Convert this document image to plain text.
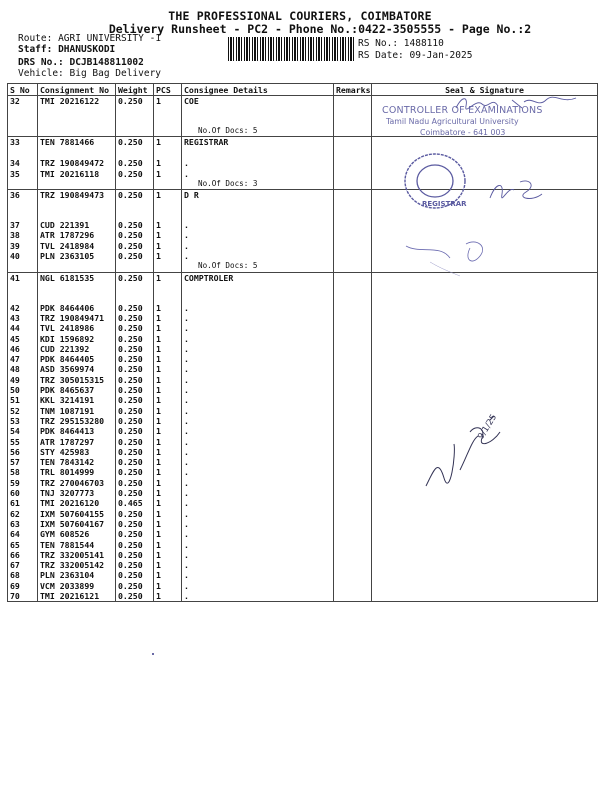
THE PROFESSIONAL COURIERS, COIMBATORE
Delivery Runsheet - PC2 - Phone No.:0422-3505555 - Page No.:2
Route: AGRI UNIVERSITY -1
Staff: DHANUSKODI
DRS No.: DCJB148811002
Vehicle: Big Bag Delivery
RS No.: 1488110
RS Date: 09-Jan-2025
S No	Consignment No	Weight	PCS	Consignee Details	Remarks	Seal & Signature
32	TMI 20216122	0.250	1	COE		

				No.Of Docs: 5		
33	TEN 7881466	0.250	1	REGISTRAR		

34	TRZ 190849472	0.250	1	.		
35	TMI 20216118	0.250	1	.		
				No.Of Docs: 3		
36	TRZ 190849473	0.250	1	D R		

37	CUD 221391	0.250	1	.		
38	ATR 1787296	0.250	1	.		
39	TVL 2418984	0.250	1	.		
40	PLN 2363105	0.250	1	.		
				No.Of Docs: 5		
41	NGL 6181535	0.250	1	COMPTROLER		

42	PDK 8464406	0.250	1	.		
43	TRZ 190849471	0.250	1	.		
44	TVL 2418986	0.250	1	.		
45	KDI 1596892	0.250	1	.		
46	CUD 221392	0.250	1	.		
47	PDK 8464405	0.250	1	.		
48	ASD 3569974	0.250	1	.		
49	TRZ 305015315	0.250	1	.		
50	PDK 8465637	0.250	1	.		
51	KKL 3214191	0.250	1	.		
52	TNM 1087191	0.250	1	.		
53	TRZ 295153280	0.250	1	.		
54	PDK 8464413	0.250	1	.		
55	ATR 1787297	0.250	1	.		
56	STY 425983	0.250	1	.		
57	TEN 7843142	0.250	1	.		
58	TRL 8014999	0.250	1	.		
59	TRZ 270046703	0.250	1	.		
60	TNJ 3207773	0.250	1	.		
61	TMI 20216120	0.465	1	.		
62	IXM 507604155	0.250	1	.		
63	IXM 507604167	0.250	1	.		
64	GYM 608526	0.250	1	.		
65	TEN 7881544	0.250	1	.		
66	TRZ 332005141	0.250	1	.		
67	TRZ 332005142	0.250	1	.		
68	PLN 2363104	0.250	1	.		
69	VCM 2033899	0.250	1	.		
70	TMI 20216121	0.250	1	.		
CONTROLLER OF EXAMINATIONS
Tamil Nadu Agricultural University
Coimbatore - 641 003
REGISTRAR
9/1/25
